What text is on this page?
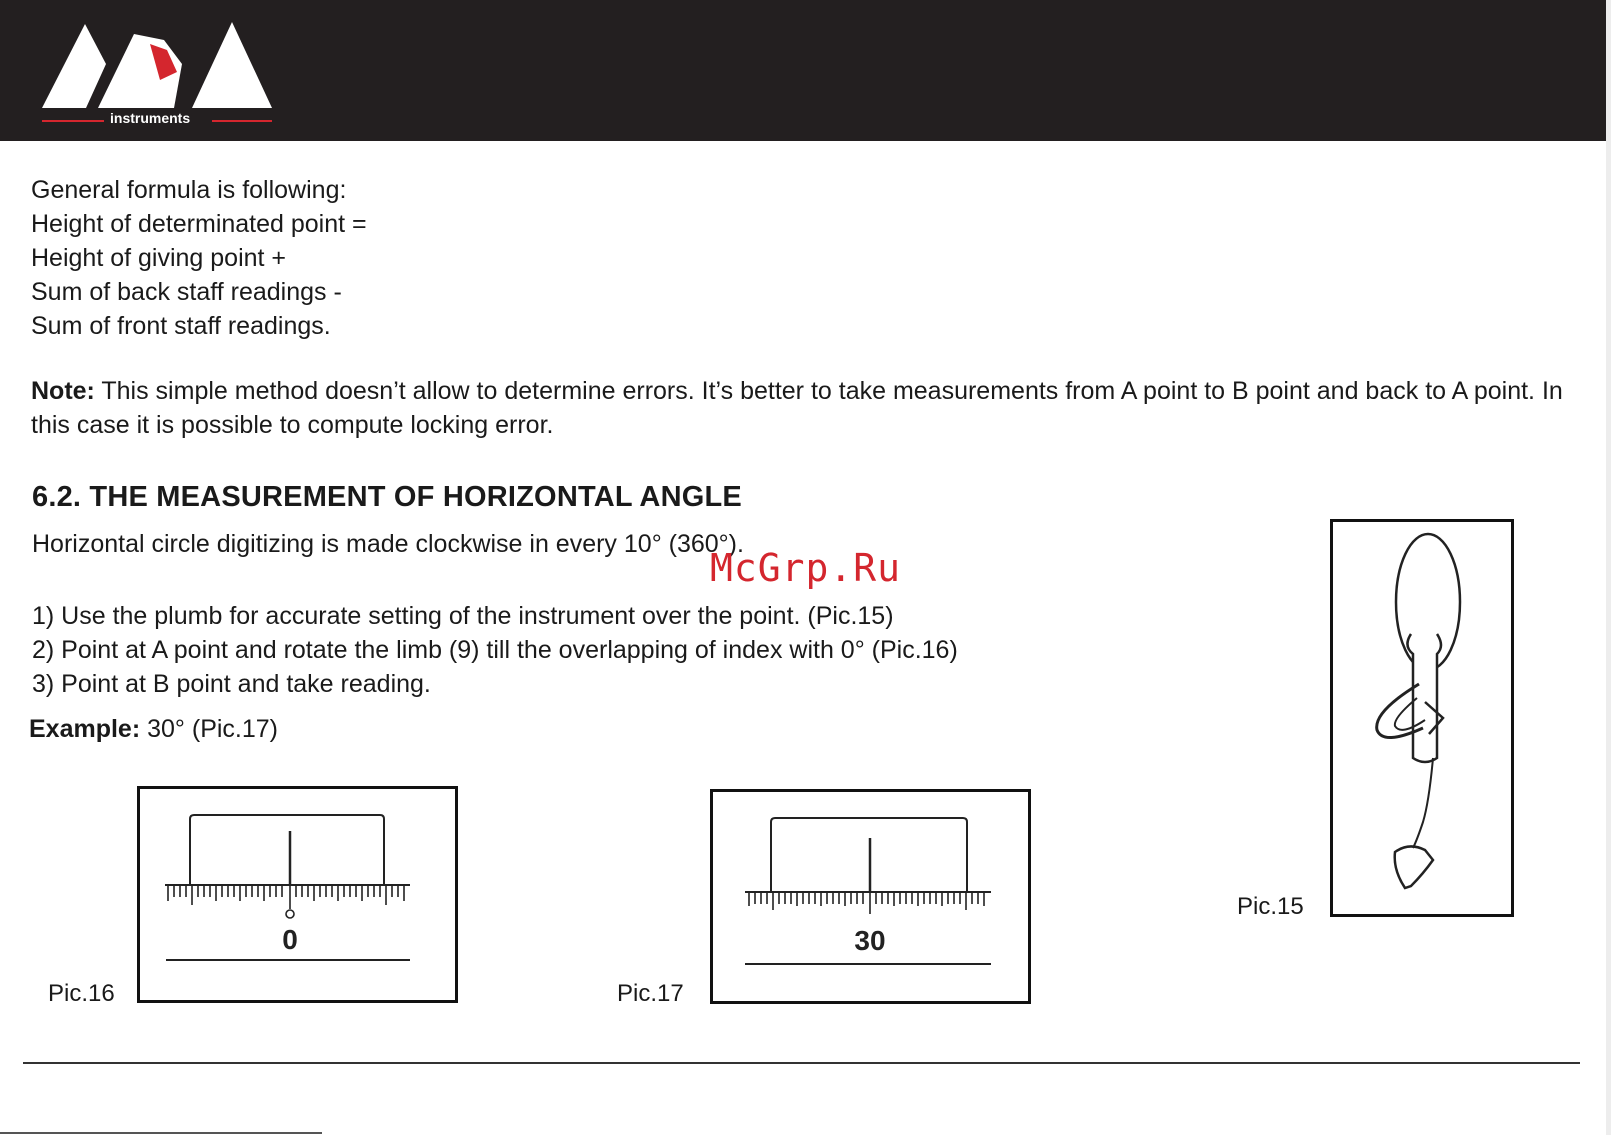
instruments
General formula is following:
Height of determinated point =
Height of giving point +
Sum of back staff readings -
Sum of front staff readings.
Note: This simple method doesn’t allow to determine errors. It’s better to take measurements from A point to B point and back to A point. In this case it is possible to compute locking error.
6.2. THE MEASUREMENT OF HORIZONTAL ANGLE
Horizontal circle digitizing is made clockwise in every 10° (360°).
McGrp.Ru
1) Use the plumb for accurate setting of the instrument over the point. (Pic.15)
2) Point at A point and rotate the limb (9) till the overlapping of index with 0° (Pic.16)
3) Point at B point and take reading.
Example: 30° (Pic.17)
Pic.16
0
Pic.17
30
Pic.15
